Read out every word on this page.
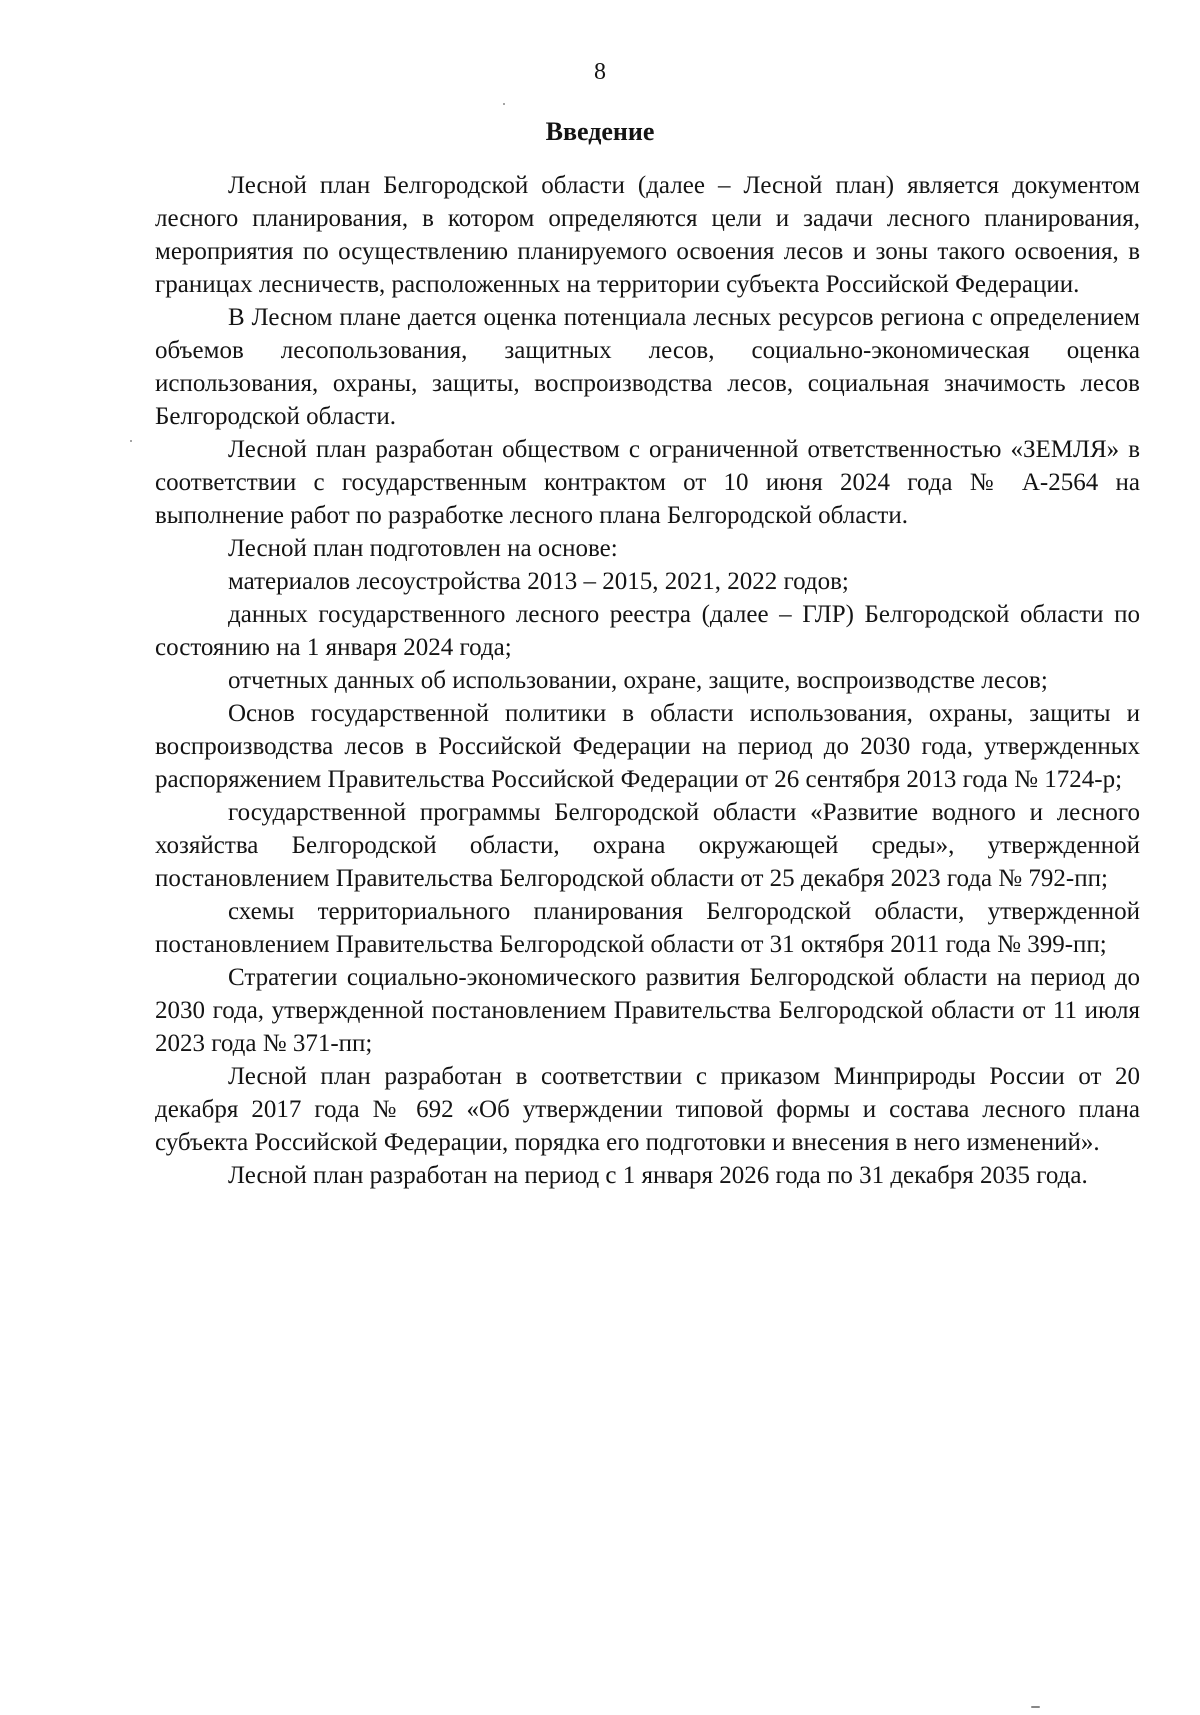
8
Введение

Лесной план Белгородской области (далее – Лесной план) является документом лесного планирования, в котором определяются цели и задачи лесного планирования, мероприятия по осуществлению планируемого освоения лесов и зоны такого освоения, в границах лесничеств, расположенных на территории субъекта Российской Федерации.

В Лесном плане дается оценка потенциала лесных ресурсов региона с определением объемов лесопользования, защитных лесов, социально-экономическая оценка использования, охраны, защиты, воспроизводства лесов, социальная значимость лесов Белгородской области.

Лесной план разработан обществом с ограниченной ответственностью «ЗЕМЛЯ» в соответствии с государственным контрактом от 10 июня 2024 года № А-2564 на выполнение работ по разработке лесного плана Белгородской области.

Лесной план подготовлен на основе:

материалов лесоустройства 2013 – 2015, 2021, 2022 годов;

данных государственного лесного реестра (далее – ГЛР) Белгородской области по состоянию на 1 января 2024 года;

отчетных данных об использовании, охране, защите, воспроизводстве лесов;

Основ государственной политики в области использования, охраны, защиты и воспроизводства лесов в Российской Федерации на период до 2030 года, утвержденных распоряжением Правительства Российской Федерации от 26 сентября 2013 года № 1724-р;

государственной программы Белгородской области «Развитие водного и лесного хозяйства Белгородской области, охрана окружающей среды», утвержденной постановлением Правительства Белгородской области от 25 декабря 2023 года № 792-пп;

схемы территориального планирования Белгородской области, утвержденной постановлением Правительства Белгородской области от 31 октября 2011 года № 399-пп;

Стратегии социально-экономического развития Белгородской области на период до 2030 года, утвержденной постановлением Правительства Белгородской области от 11 июля 2023 года № 371-пп;

Лесной план разработан в соответствии с приказом Минприроды России от 20 декабря 2017 года № 692 «Об утверждении типовой формы и состава лесного плана субъекта Российской Федерации, порядка его подготовки и внесения в него изменений».

Лесной план разработан на период с 1 января 2026 года по 31 декабря 2035 года.
